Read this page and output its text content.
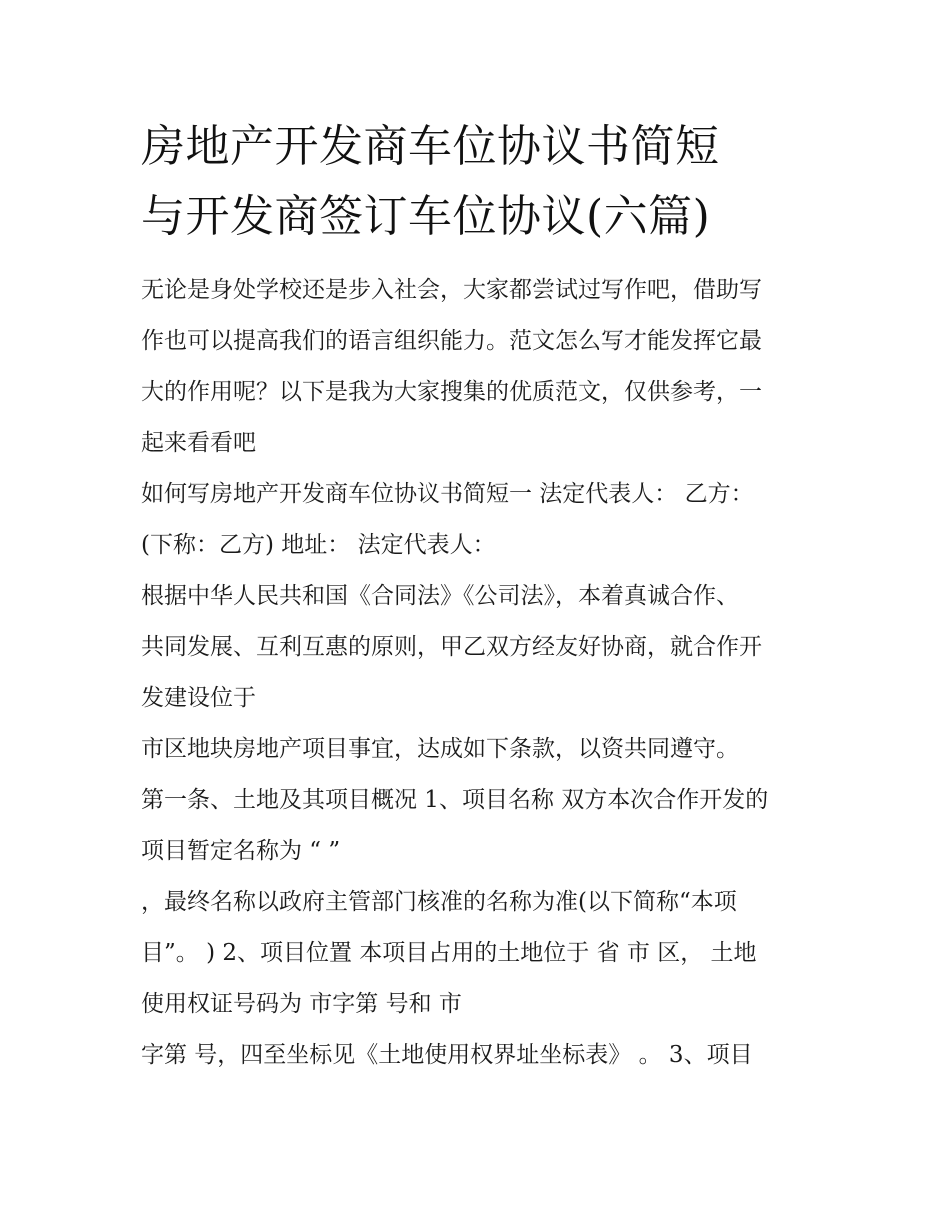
房地产开发商车位协议书简短
与开发商签订车位协议(六篇)

无论是身处学校还是步入社会，大家都尝试过写作吧，借助写

作也可以提高我们的语言组织能力。范文怎么写才能发挥它最

大的作用呢？以下是我为大家搜集的优质范文，仅供参考，一

起来看看吧

如何写房地产开发商车位协议书简短一 法定代表人： 乙方：

(下称：乙方) 地址： 法定代表人：

根据中华人民共和国《合同法》《公司法》，本着真诚合作、

共同发展、互利互惠的原则，甲乙双方经友好协商，就合作开

发建设位于

市区地块房地产项目事宜，达成如下条款，以资共同遵守。

第一条、土地及其项目概况 1、项目名称 双方本次合作开发的

项目暂定名称为 “ ”

，最终名称以政府主管部门核准的名称为准(以下简称“本项

目”。 ) 2、项目位置 本项目占用的土地位于 省 市 区， 土地

使用权证号码为 市字第 号和 市

字第 号，四至坐标见《土地使用权界址坐标表》 。 3、项目
